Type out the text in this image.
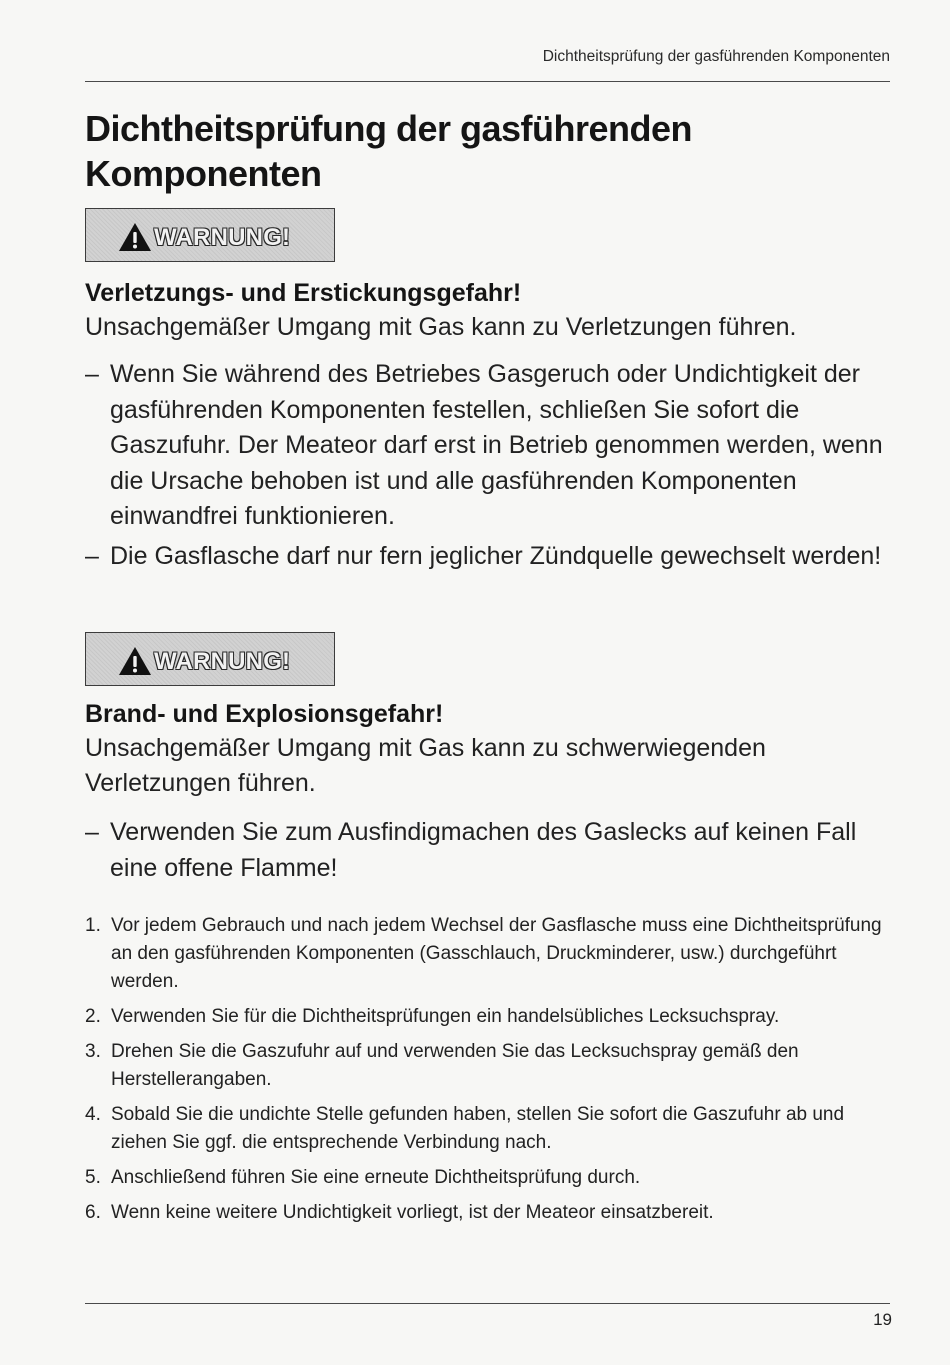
Dichtheitsprüfung der gasführenden Komponenten
Dichtheitsprüfung der gasführenden Komponenten
WARNUNG!
Verletzungs- und Erstickungsgefahr!

Unsachgemäßer Umgang mit Gas kann zu Verletzungen führen.

– Wenn Sie während des Betriebes Gasgeruch oder Undichtigkeit der gasführenden Komponenten festellen, schließen Sie sofort die Gaszufuhr. Der Meateor darf erst in Betrieb genommen werden, wenn die Ursache behoben ist und alle gasführenden Komponenten einwandfrei funktionieren.
– Die Gasflasche darf nur fern jeglicher Zündquelle gewechselt werden!
WARNUNG!
Brand- und Explosionsgefahr!

Unsachgemäßer Umgang mit Gas kann zu schwerwiegenden Verletzungen führen.

– Verwenden Sie zum Ausfindigmachen des Gaslecks auf keinen Fall eine offene Flamme!
1. Vor jedem Gebrauch und nach jedem Wechsel der Gasflasche muss eine Dichtheitsprüfung an den gasführenden Komponenten (Gasschlauch, Druckminderer, usw.) durchgeführt werden.
2. Verwenden Sie für die Dichtheitsprüfungen ein handelsübliches Lecksuchspray.
3. Drehen Sie die Gaszufuhr auf und verwenden Sie das Lecksuchspray gemäß den Herstellerangaben.
4. Sobald Sie die undichte Stelle gefunden haben, stellen Sie sofort die Gaszufuhr ab und ziehen Sie ggf. die entsprechende Verbindung nach.
5. Anschließend führen Sie eine erneute Dichtheitsprüfung durch.
6. Wenn keine weitere Undichtigkeit vorliegt, ist der Meateor einsatzbereit.
19
